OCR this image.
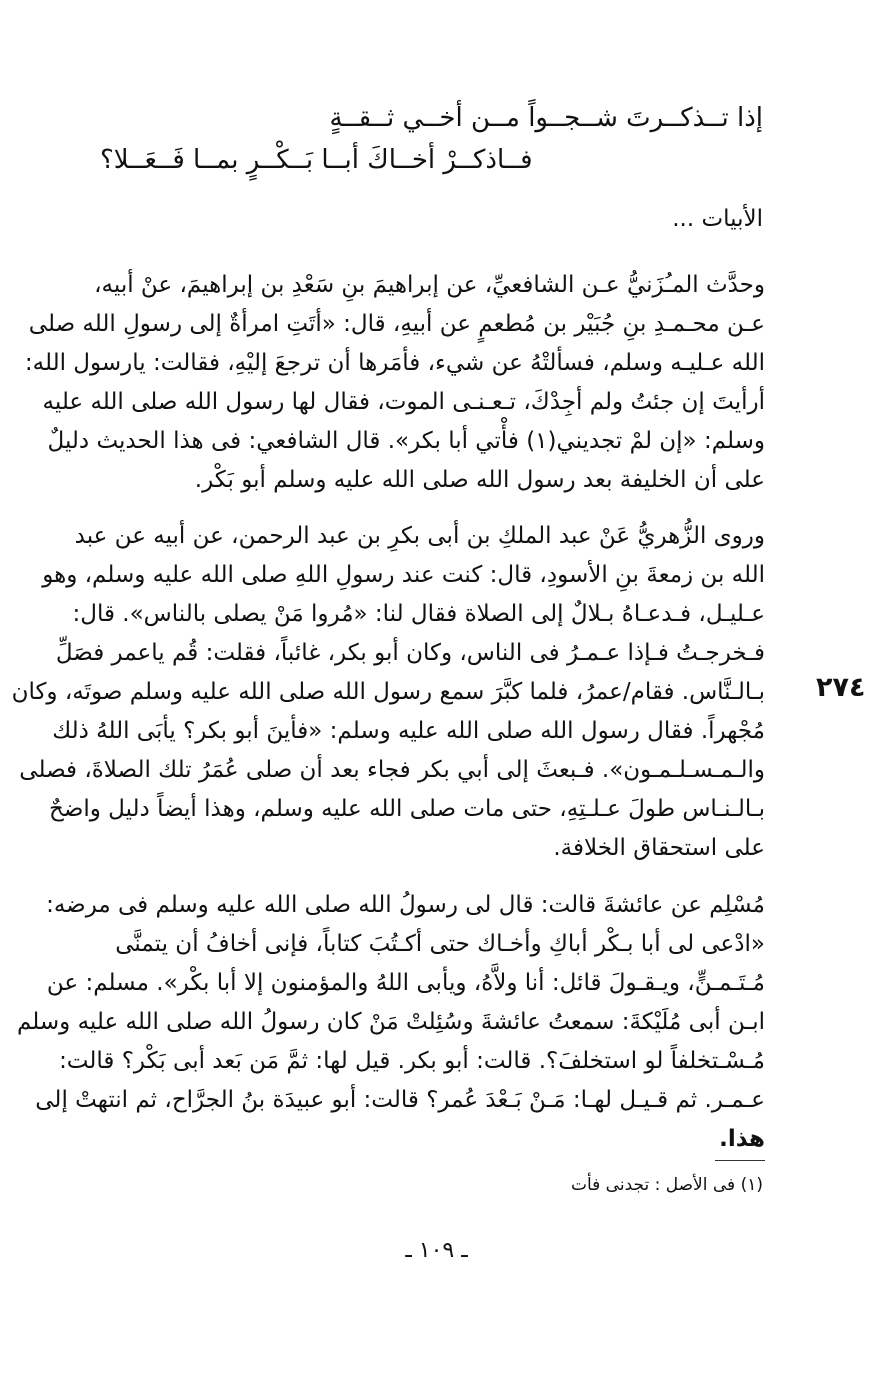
إذا تــذكــرتَ شــجــواً مــن أخــي ثــقــةٍ

فــاذكــرْ أخــاكَ أبــا بَــكْــرٍ بمــا فَــعَــلا؟

الأبيات ...

وحدَّث المـُزَنيُّ عـن الشافعيِّ، عن إبراهيمَ بنِ سَعْدِ بن إبراهيمَ، عنْ أبيه،

عـن محـمـدِ بنِ جُبَيْر بن مُطعمٍ عن أبيهِ، قال: «أتَتِ امرأةٌ إلى رسولِ الله صلى

الله عـليـه وسلم، فسألتْهُ عن شيء، فأمَرها أن ترجعَ إليْهِ، فقالت: يارسول الله:

أرأيتَ إن جئتُ ولم أجِدْكَ، تـعـنـى الموت، فقال لها رسول الله صلى الله عليه

وسلم: «إن لمْ تجديني(١) فأْتي أبا بكر». قال الشافعي: فى هذا الحديث دليلٌ

على أن الخليفة بعد رسول الله صلى الله عليه وسلم أبو بَكْر.

وروى الزُّهريُّ عَنْ عبد الملكِ بن أبى بكرِ بن عبد الرحمن، عن أبيه عن عبد

الله بن زمعةَ بنِ الأسودِ، قال: كنت عند رسولِ اللهِ صلى الله عليه وسلم، وهو

عـليـل، فـدعـاهُ بـلالٌ إلى الصلاة فقال لنا: «مُروا مَنْ يصلى بالناس». قال:

فـخرجـتُ فـإذا عـمـرُ فى الناس، وكان أبو بكر، غائباً، فقلت: قُم ياعمر فصَلِّ

بـالـنَّاس. فقام/عمرُ، فلما كبَّرَ سمع رسول الله صلى الله عليه وسلم صوتَه، وكان

مُجْهراً. فقال رسول الله صلى الله عليه وسلم: «فأينَ أبو بكر؟ يأبَى اللهُ ذلك

والـمـسـلـمـون». فـبعثَ إلى أبي بكر فجاء بعد أن صلى عُمَرُ تلك الصلاةَ، فصلى

بـالـنـاس طولَ عـلـتِهِ، حتى مات صلى الله عليه وسلم، وهذا أيضاً دليل واضحٌ

على استحقاق الخلافة.

٢٧٤

مُسْلِم عن عائشةَ قالت: قال لى رسولُ الله صلى الله عليه وسلم فى مرضه:

«ادْعى لى أبا بـكْر أباكِ وأخـاك حتى أكـتُبَ كتاباً، فإنى أخافُ أن يتمنَّى

مُـتَـمـنٍّ، ويـقـولَ قائل: أنا ولاَّهُ، ويأبى اللهُ والمؤمنون إلا أبا بكْر». مسلم: عن

ابـن أبى مُلَيْكةَ: سمعتُ عائشةَ وسُئِلتْ مَنْ كان رسولُ الله صلى الله عليه وسلم

مُـسْـتخلفاً لو استخلفَ؟. قالت: أبو بكر. قيل لها: ثمَّ مَن بَعد أبى بَكْر؟ قالت:

عـمـر. ثم قـيـل لهـا: مَـنْ بَـعْدَ عُمر؟ قالت: أبو عبيدَة بنُ الجرَّاح، ثم انتهتْ إلى

هذا.

(١) فى الأصل : تجدنى فأت
ـ ١٠٩ ـ
